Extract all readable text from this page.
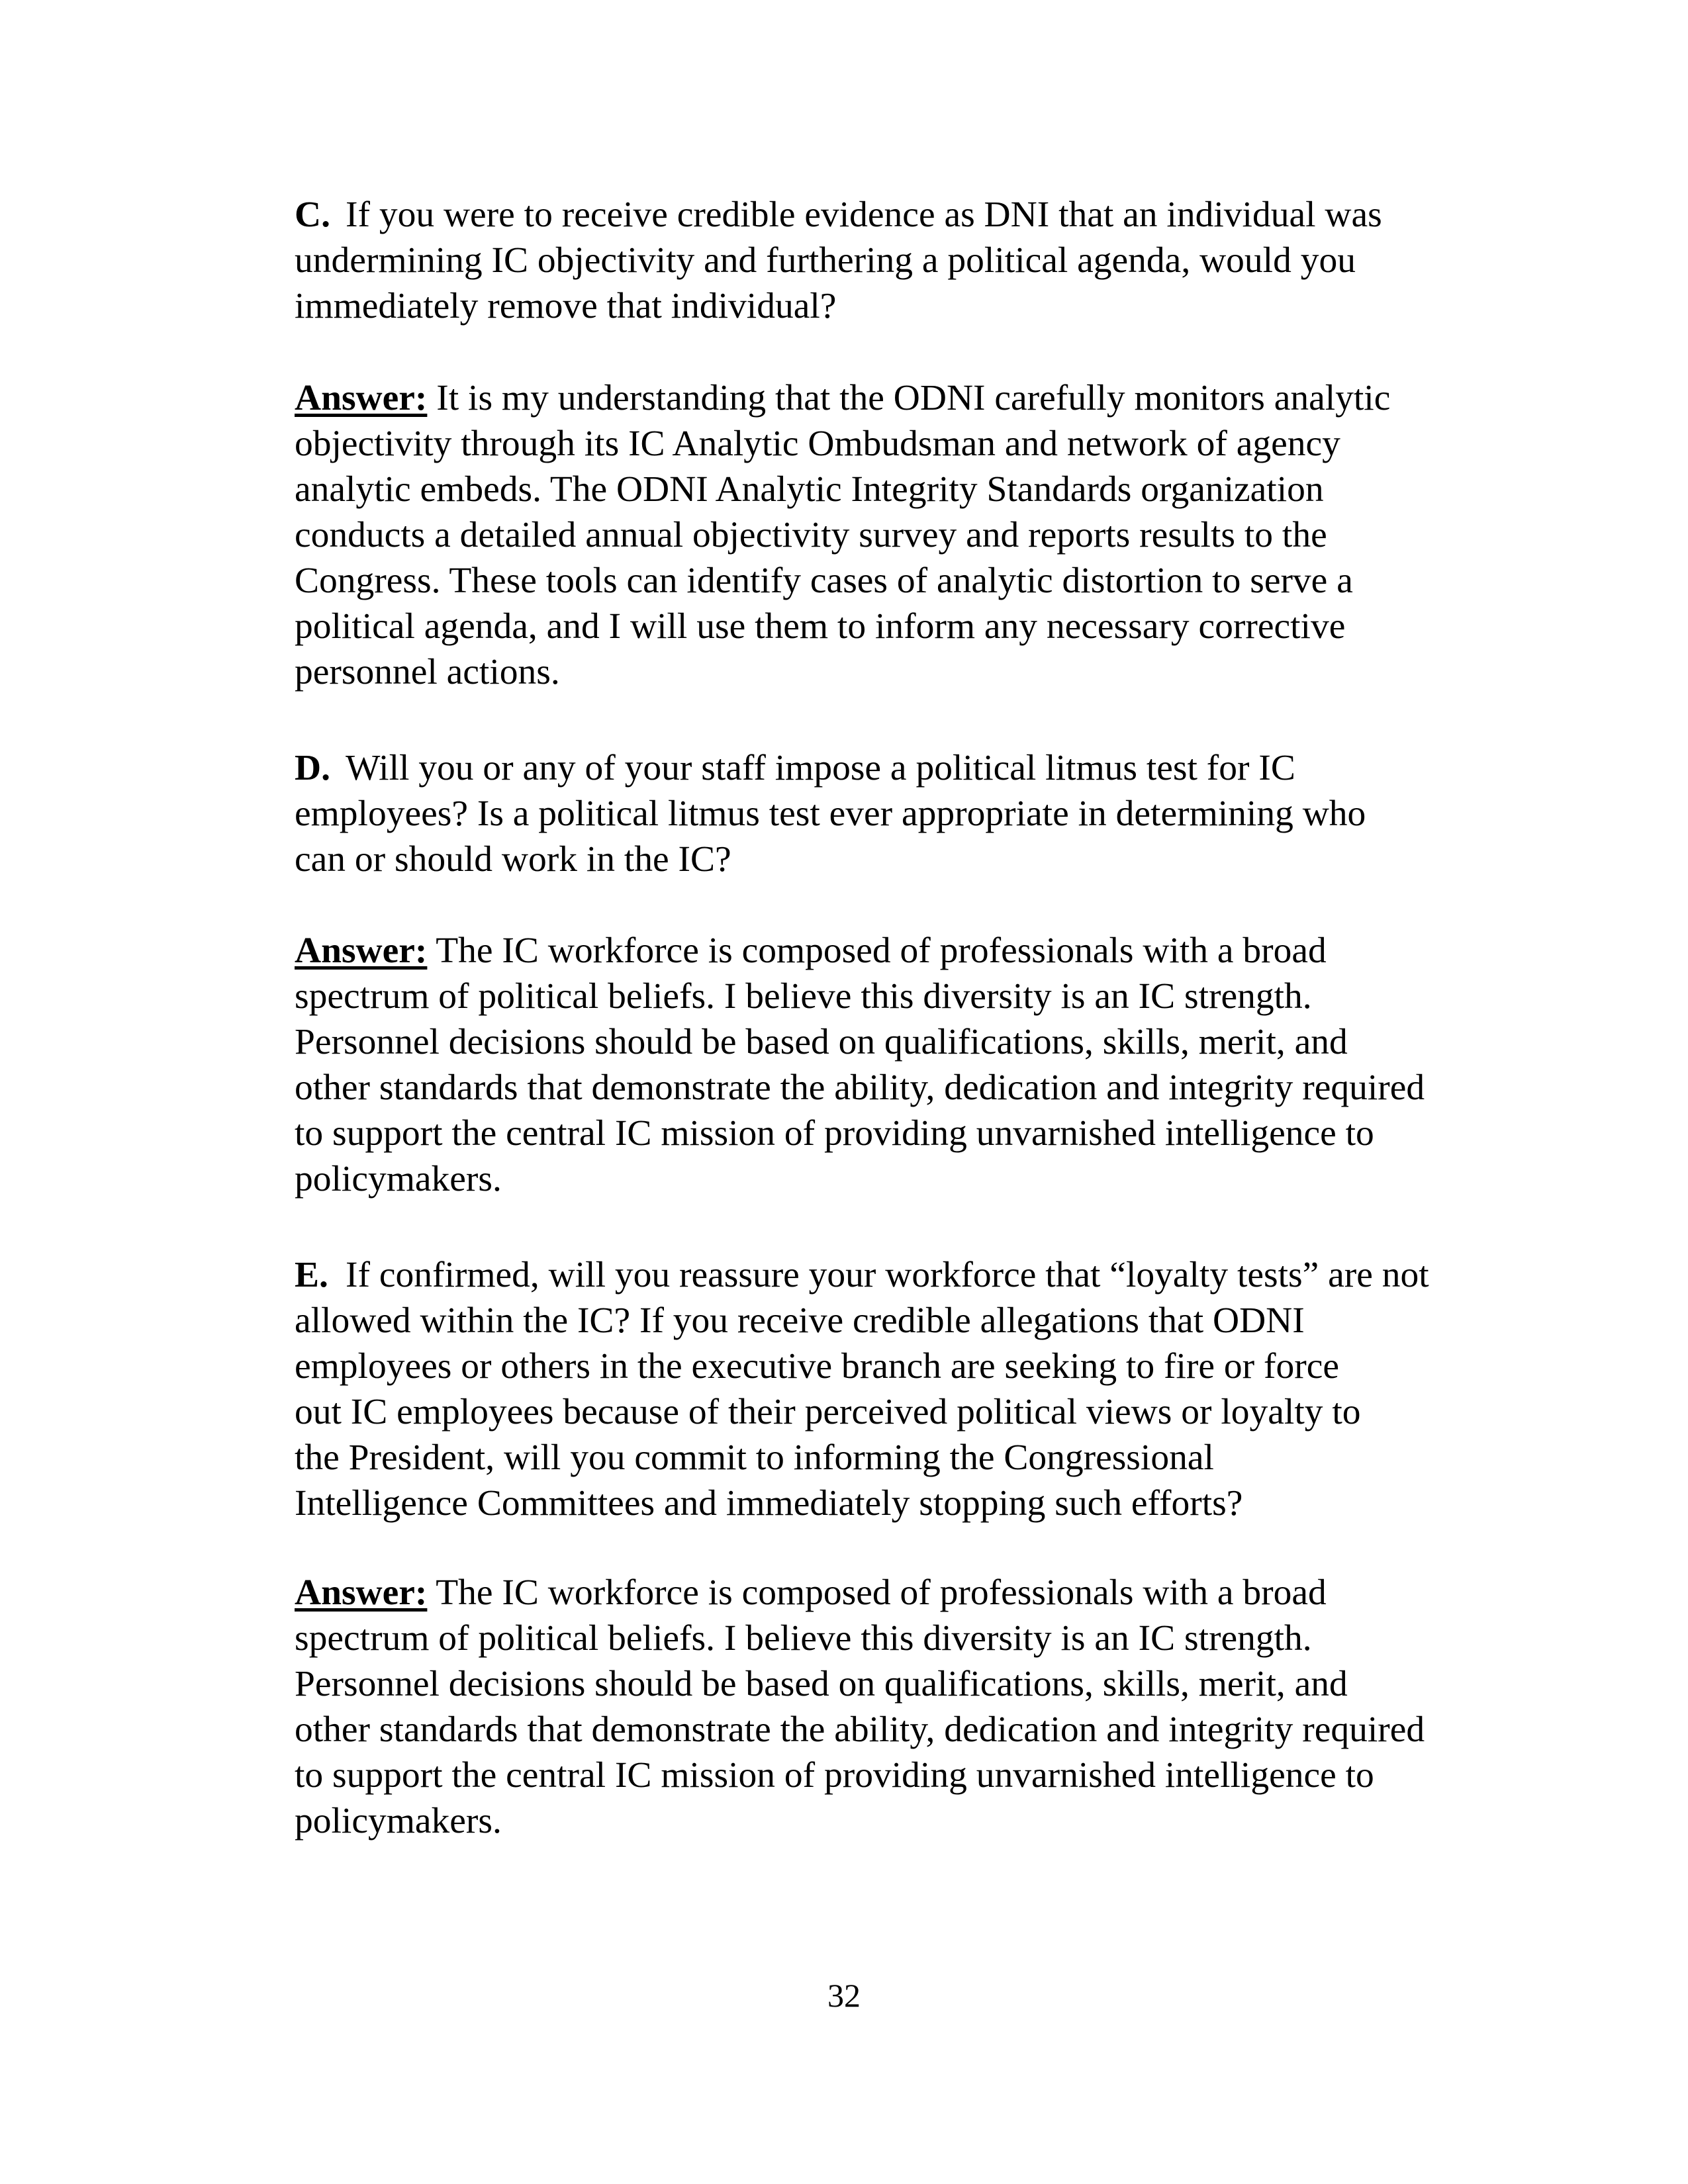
C. If you were to receive credible evidence as DNI that an individual was
undermining IC objectivity and furthering a political agenda, would you
immediately remove that individual?
Answer: It is my understanding that the ODNI carefully monitors analytic
objectivity through its IC Analytic Ombudsman and network of agency
analytic embeds. The ODNI Analytic Integrity Standards organization
conducts a detailed annual objectivity survey and reports results to the
Congress. These tools can identify cases of analytic distortion to serve a
political agenda, and I will use them to inform any necessary corrective
personnel actions.
D. Will you or any of your staff impose a political litmus test for IC
employees? Is a political litmus test ever appropriate in determining who
can or should work in the IC?
Answer: The IC workforce is composed of professionals with a broad
spectrum of political beliefs. I believe this diversity is an IC strength.
Personnel decisions should be based on qualifications, skills, merit, and
other standards that demonstrate the ability, dedication and integrity required
to support the central IC mission of providing unvarnished intelligence to
policymakers.
E. If confirmed, will you reassure your workforce that “loyalty tests” are not
allowed within the IC? If you receive credible allegations that ODNI
employees or others in the executive branch are seeking to fire or force
out IC employees because of their perceived political views or loyalty to
the President, will you commit to informing the Congressional
Intelligence Committees and immediately stopping such efforts?
Answer: The IC workforce is composed of professionals with a broad
spectrum of political beliefs. I believe this diversity is an IC strength.
Personnel decisions should be based on qualifications, skills, merit, and
other standards that demonstrate the ability, dedication and integrity required
to support the central IC mission of providing unvarnished intelligence to
policymakers.
32
